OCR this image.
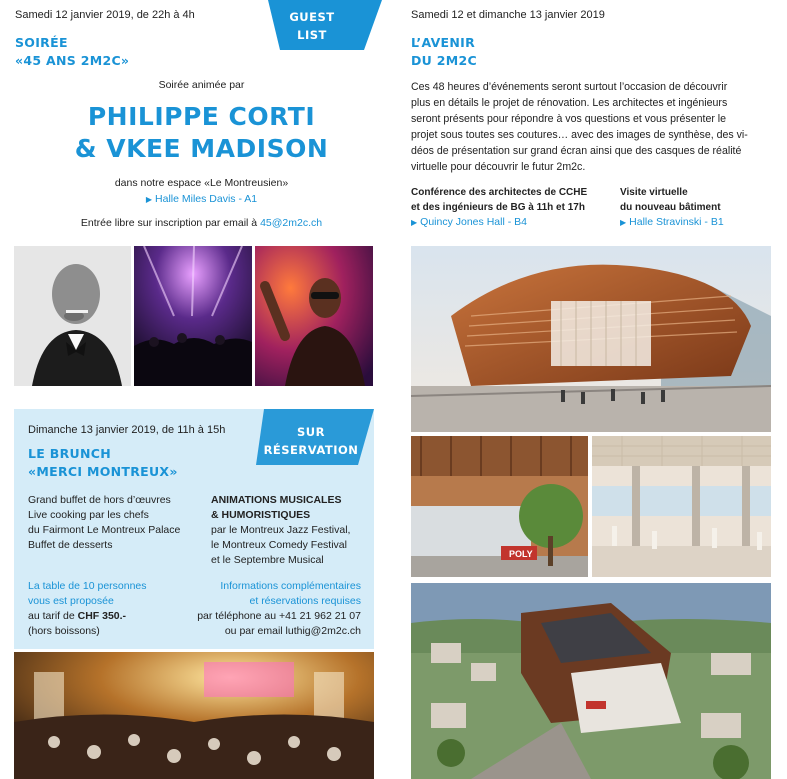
Samedi 12 janvier 2019, de 22h à 4h
SOIRÉE
«45 ANS 2M2C»
GUEST
LIST
Soirée animée par
PHILIPPE CORTI
& VKEE MADISON
dans notre espace «Le Montreusien»
▶ Halle Miles Davis - A1
Entrée libre sur inscription par email à 45@2m2c.ch
Dimanche 13 janvier 2019, de 11h à 15h
LE BRUNCH
«MERCI MONTREUX»
SUR
RÉSERVATION
Grand buffet de hors d’œuvres
Live cooking par les chefs
du Fairmont Le Montreux Palace
Buffet de desserts
ANIMATIONS MUSICALES
& HUMORISTIQUES
par le Montreux Jazz Festival,
le Montreux Comedy Festival
et le Septembre Musical
La table de 10 personnes
vous est proposée
au tarif de CHF 350.-
(hors boissons)
Informations complémentaires
et réservations requises
par téléphone au +41 21 962 21 07
ou par email luthig@2m2c.ch
Samedi 12 et dimanche 13 janvier 2019
L’AVENIR
DU 2M2C
Ces 48 heures d’événements seront surtout l’occasion de découvrir
plus en détails le projet de rénovation. Les architectes et ingénieurs
seront présents pour répondre à vos questions et vous présenter le
projet sous toutes ses coutures… avec des images de synthèse, des vi-
déos de présentation sur grand écran ainsi que des casques de réalité
virtuelle pour découvrir le futur 2m2c.
Conférence des architectes de CCHE
et des ingénieurs de BG à 11h et 17h
▶ Quincy Jones Hall - B4
Visite virtuelle
du nouveau bâtiment
▶ Halle Stravinski - B1
POLY
